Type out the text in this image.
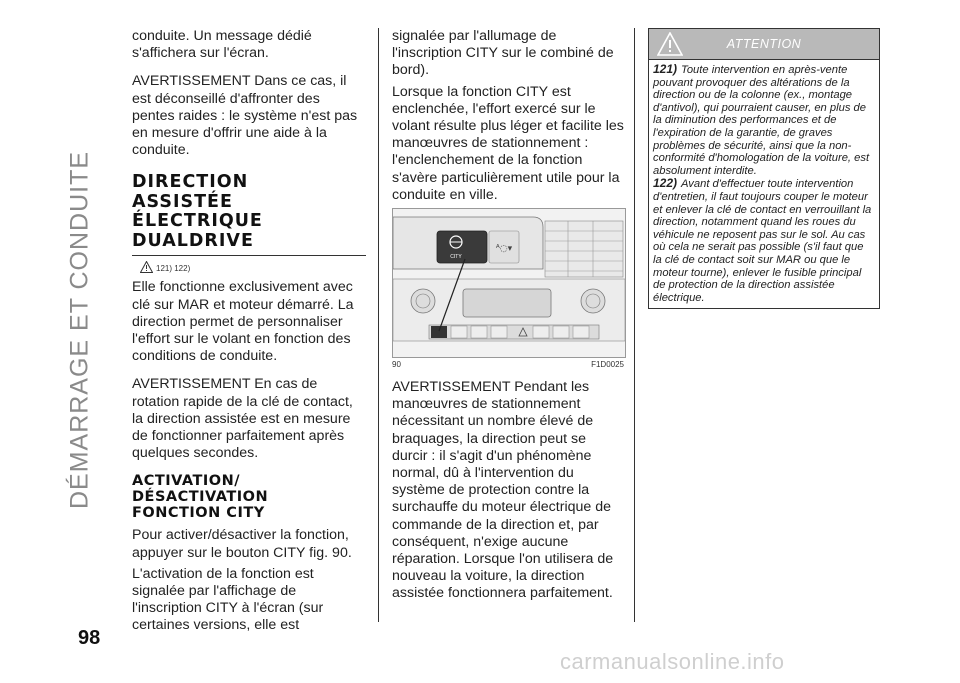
DÉMARRAGE ET CONDUITE

conduite. Un message dédié s'affichera sur l'écran.

AVERTISSEMENT Dans ce cas, il est déconseillé d'affronter des pentes raides : le système n'est pas en mesure d'offrir une aide à la conduite.

DIRECTION
ASSISTÉE
ÉLECTRIQUE
DUALDRIVE
121) 122)

Elle fonctionne exclusivement avec clé sur MAR et moteur démarré. La direction permet de personnaliser l'effort sur le volant en fonction des conditions de conduite.

AVERTISSEMENT En cas de rotation rapide de la clé de contact, la direction assistée est en mesure de fonctionner parfaitement après quelques secondes.

ACTIVATION/
DÉSACTIVATION
FONCTION CITY

Pour activer/désactiver la fonction, appuyer sur le bouton CITY fig. 90.

L'activation de la fonction est signalée par l'affichage de l'inscription CITY à l'écran (sur certaines versions, elle est

signalée par l'allumage de l'inscription CITY sur le combiné de bord).

Lorsque la fonction CITY est enclenchée, l'effort exercé sur le volant résulte plus léger et facilite les manœuvres de stationnement : l'enclenchement de la fonction s'avère particulièrement utile pour la conduite en ville.

CITY
ᴬ◌▾
90	F1D0025

AVERTISSEMENT Pendant les manœuvres de stationnement nécessitant un nombre élevé de braquages, la direction peut se durcir : il s'agit d'un phénomène normal, dû à l'intervention du système de protection contre la surchauffe du moteur électrique de commande de la direction et, par conséquent, n'exige aucune réparation. Lorsque l'on utilisera de nouveau la voiture, la direction assistée fonctionnera parfaitement.

ATTENTION

121) Toute intervention en après-vente pouvant provoquer des altérations de la direction ou de la colonne (ex., montage d'antivol), qui pourraient causer, en plus de la diminution des performances et de l'expiration de la garantie, de graves problèmes de sécurité, ainsi que la non-conformité d'homologation de la voiture, est absolument interdite.

122) Avant d'effectuer toute intervention d'entretien, il faut toujours couper le moteur et enlever la clé de contact en verrouillant la direction, notamment quand les roues du véhicule ne reposent pas sur le sol. Au cas où cela ne serait pas possible (s'il faut que la clé de contact soit sur MAR ou que le moteur tourne), enlever le fusible principal de protection de la direction assistée électrique.

98
carmanualsonline.info
